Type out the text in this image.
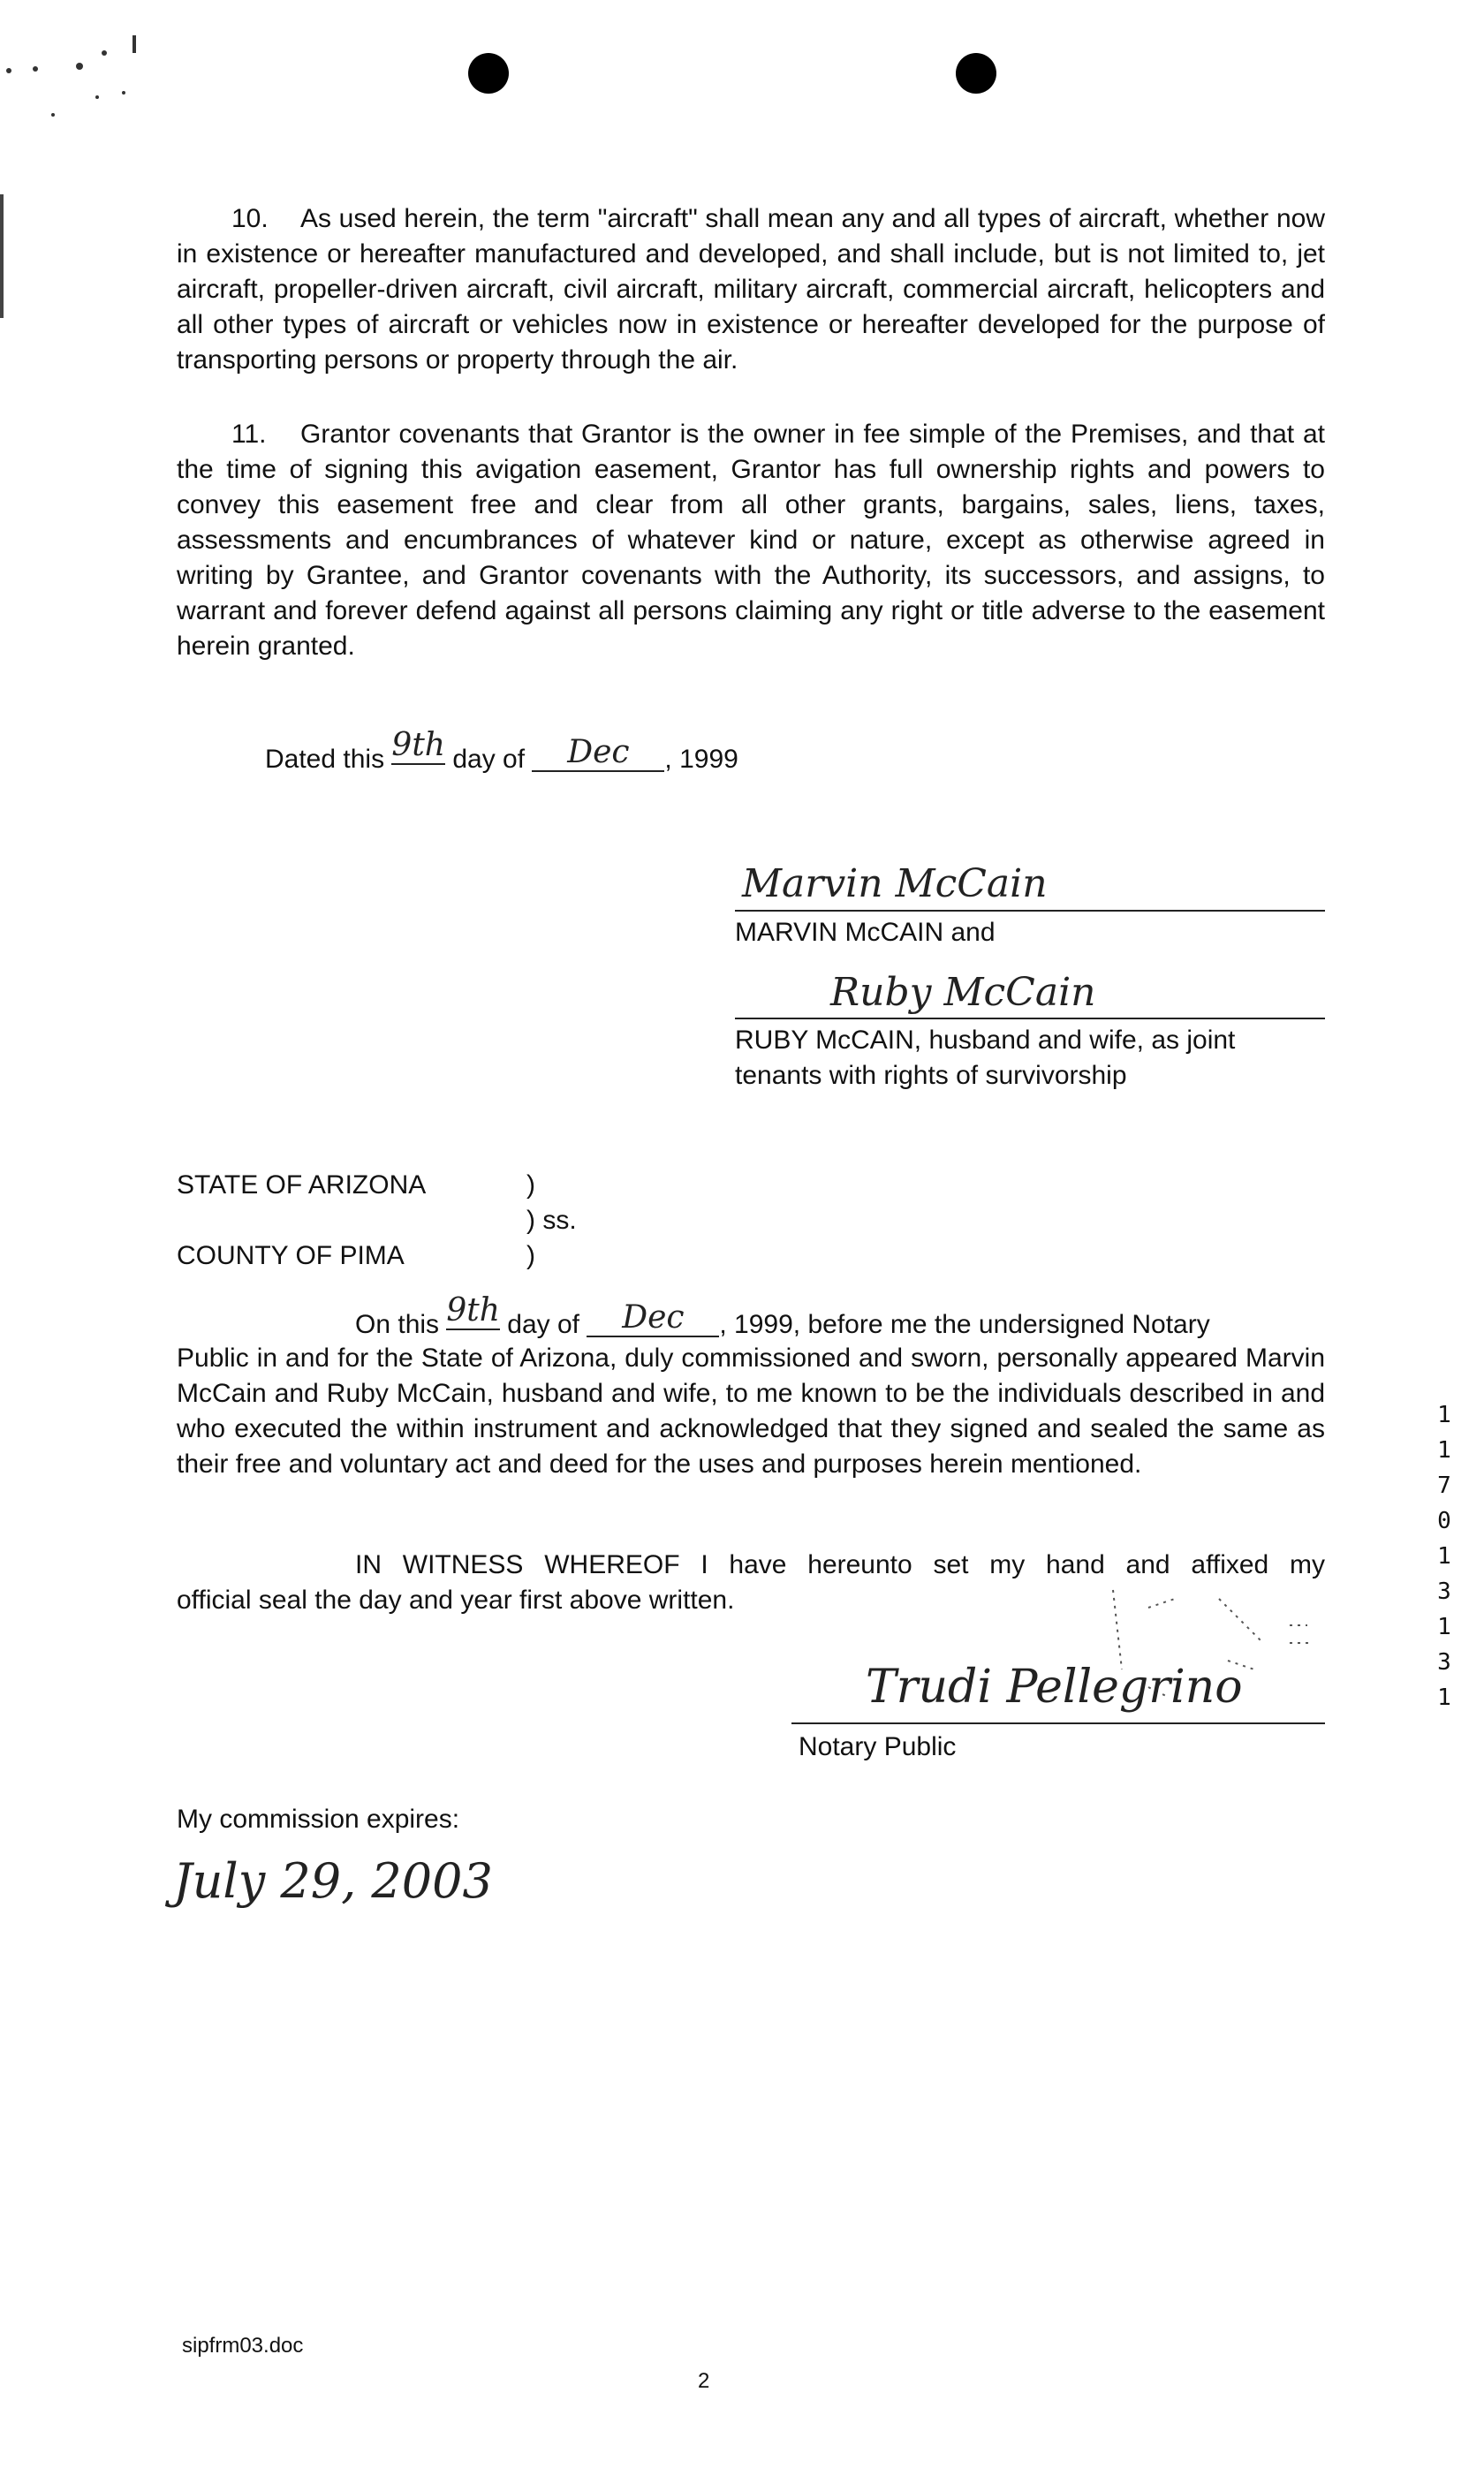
10. As used herein, the term "aircraft" shall mean any and all types of aircraft, whether now in existence or hereafter manufactured and developed, and shall include, but is not limited to, jet aircraft, propeller-driven aircraft, civil aircraft, military aircraft, commercial aircraft, helicopters and all other types of aircraft or vehicles now in existence or hereafter developed for the purpose of transporting persons or property through the air.
11. Grantor covenants that Grantor is the owner in fee simple of the Premises, and that at the time of signing this avigation easement, Grantor has full ownership rights and powers to convey this easement free and clear from all other grants, bargains, sales, liens, taxes, assessments and encumbrances of whatever kind or nature, except as otherwise agreed in writing by Grantee, and Grantor covenants with the Authority, its successors, and assigns, to warrant and forever defend against all persons claiming any right or title adverse to the easement herein granted.
Dated this 9th day of Dec , 1999
Marvin McCain
MARVIN McCAIN and
Ruby McCain
RUBY McCAIN, husband and wife, as joint
tenants with rights of survivorship
STATE OF ARIZONA	)
) ss.
COUNTY OF PIMA	)
On this 9th day of Dec , 1999, before me the undersigned Notary
Public in and for the State of Arizona, duly commissioned and sworn, personally appeared Marvin McCain and Ruby McCain, husband and wife, to me known to be the individuals described in and who executed the within instrument and acknowledged that they signed and sealed the same as their free and voluntary act and deed for the uses and purposes herein mentioned.
IN WITNESS WHEREOF I have hereunto set my hand and affixed my
official seal the day and year first above written.
Trudi Pellegrino
Notary Public
My commission expires:
July 29, 2003
1
1
7
0
1
3
1
3
1
sipfrm03.doc
2
